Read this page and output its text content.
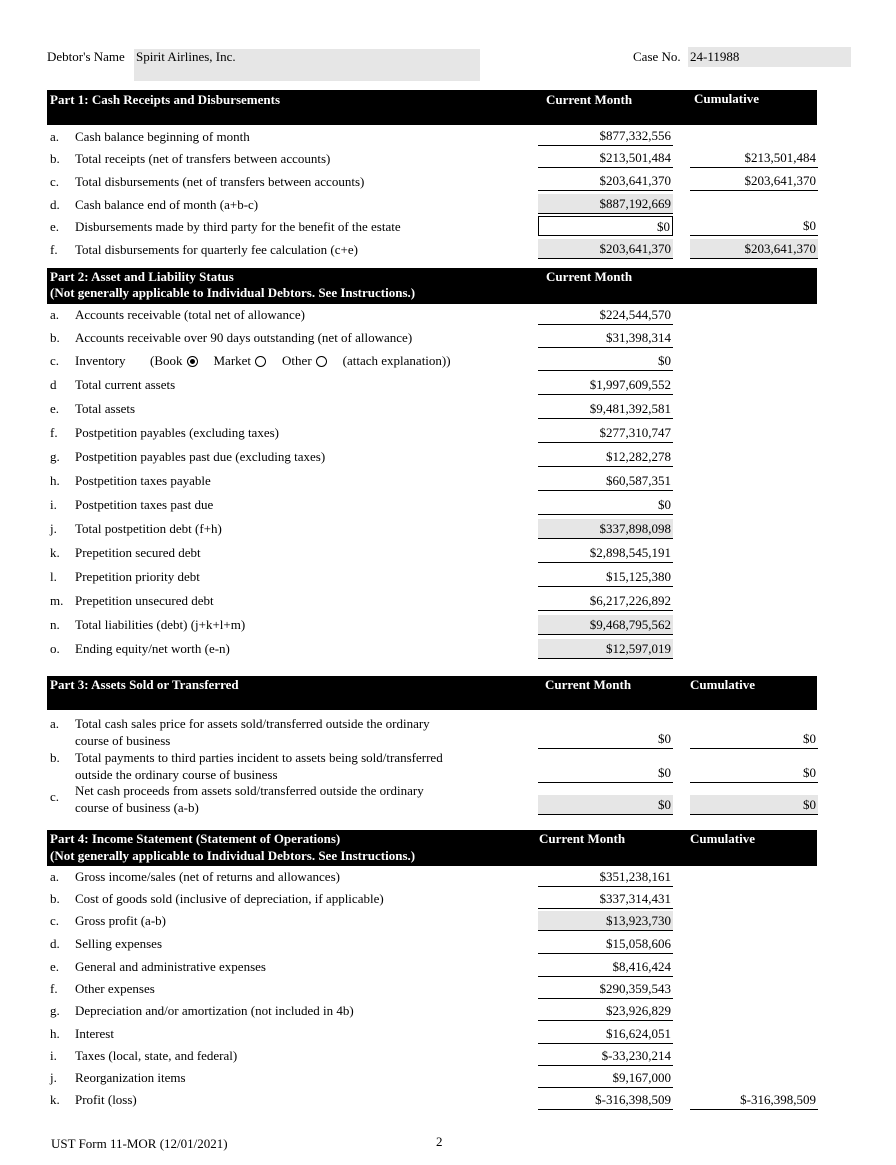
Debtor's Name Spirit Airlines, Inc.	Case No. 24-11988
Part 1: Cash Receipts and Disbursements	Current Month	Cumulative
a. Cash balance beginning of month	$877,332,556
b. Total receipts (net of transfers between accounts)	$213,501,484	$213,501,484
c. Total disbursements (net of transfers between accounts)	$203,641,370	$203,641,370
d. Cash balance end of month (a+b-c)	$887,192,669
e. Disbursements made by third party for the benefit of the estate	$0	$0
f. Total disbursements for quarterly fee calculation (c+e)	$203,641,370	$203,641,370
Part 2: Asset and Liability Status
(Not generally applicable to Individual Debtors. See Instructions.)
Current Month
a. Accounts receivable (total net of allowance)	$224,544,570
b. Accounts receivable over 90 days outstanding (net of allowance)	$31,398,314
c. Inventory (Book Market Other (attach explanation))	$0
d Total current assets	$1,997,609,552
e. Total assets	$9,481,392,581
f. Postpetition payables (excluding taxes)	$277,310,747
g. Postpetition payables past due (excluding taxes)	$12,282,278
h. Postpetition taxes payable	$60,587,351
i. Postpetition taxes past due	$0
j. Total postpetition debt (f+h)	$337,898,098
k. Prepetition secured debt	$2,898,545,191
l. Prepetition priority debt	$15,125,380
m. Prepetition unsecured debt	$6,217,226,892
n. Total liabilities (debt) (j+k+l+m)	$9,468,795,562
o. Ending equity/net worth (e-n)	$12,597,019
Part 3: Assets Sold or Transferred	Current Month	Cumulative
a. Total cash sales price for assets sold/transferred outside the ordinary
course of business	$0	$0
b. Total payments to third parties incident to assets being sold/transferred
outside the ordinary course of business	$0	$0
c. Net cash proceeds from assets sold/transferred outside the ordinary
course of business (a-b)	$0	$0
Part 4: Income Statement (Statement of Operations)
(Not generally applicable to Individual Debtors. See Instructions.)
Current Month	Cumulative
a. Gross income/sales (net of returns and allowances)	$351,238,161
b. Cost of goods sold (inclusive of depreciation, if applicable)	$337,314,431
c. Gross profit (a-b)	$13,923,730
d. Selling expenses	$15,058,606
e. General and administrative expenses	$8,416,424
f. Other expenses	$290,359,543
g. Depreciation and/or amortization (not included in 4b)	$23,926,829
h. Interest	$16,624,051
i. Taxes (local, state, and federal)	$-33,230,214
j. Reorganization items	$9,167,000
k. Profit (loss)	$-316,398,509	$-316,398,509
UST Form 11-MOR (12/01/2021)	2
